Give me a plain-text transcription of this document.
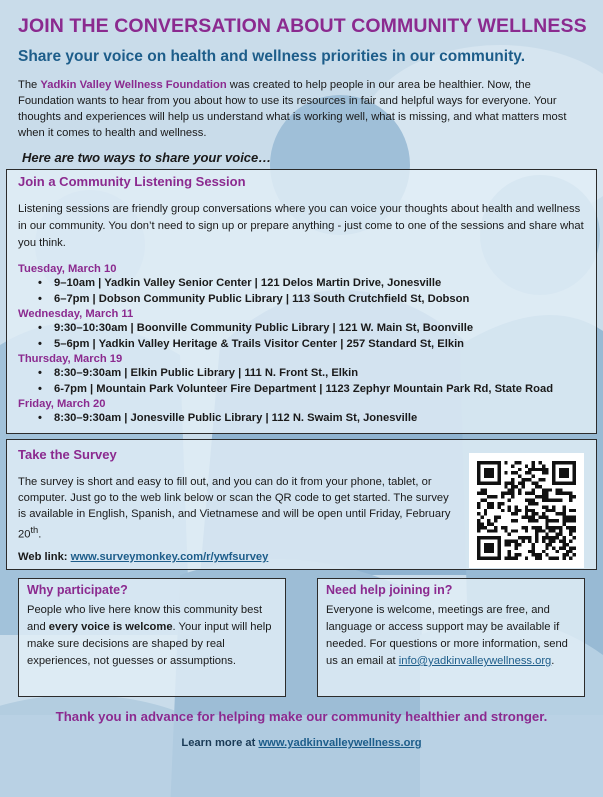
JOIN THE CONVERSATION ABOUT COMMUNITY WELLNESS
Share your voice on health and wellness priorities in our community.

The Yadkin Valley Wellness Foundation was created to help people in our area be healthier. Now, the Foundation wants to hear from you about how to use its resources in fair and helpful ways for everyone. Your thoughts and experiences will help us understand what is working well, what is missing, and what matters most when it comes to health and wellness.

Here are two ways to share your voice…
Join a Community Listening Session

Listening sessions are friendly group conversations where you can voice your thoughts about health and wellness in our community. You don’t need to sign up or prepare anything - just come to one of the sessions and share what you think.

Tuesday, March 10
• 9–10am | Yadkin Valley Senior Center | 121 Delos Martin Drive, Jonesville
• 6–7pm | Dobson Community Public Library | 113 South Crutchfield St, Dobson
Wednesday, March 11
• 9:30–10:30am | Boonville Community Public Library | 121 W. Main St, Boonville
• 5–6pm | Yadkin Valley Heritage & Trails Visitor Center | 257 Standard St, Elkin
Thursday, March 19
• 8:30–9:30am | Elkin Public Library | 111 N. Front St., Elkin
• 6-7pm | Mountain Park Volunteer Fire Department | 1123 Zephyr Mountain Park Rd, State Road
Friday, March 20
• 8:30–9:30am | Jonesville Public Library | 112 N. Swaim St, Jonesville
Take the Survey

The survey is short and easy to fill out, and you can do it from your phone, tablet, or computer. Just go to the web link below or scan the QR code to get started. The survey is available in English, Spanish, and Vietnamese and will be open until Friday, February 20th.

Web link: www.surveymonkey.com/r/ywfsurvey
Why participate?

People who live here know this community best and every voice is welcome. Your input will help make sure decisions are shaped by real experiences, not guesses or assumptions.

Need help joining in?

Everyone is welcome, meetings are free, and language or access support may be available if needed. For questions or more information, send us an email at info@yadkinvalleywellness.org.

Thank you in advance for helping make our community healthier and stronger.
Learn more at www.yadkinvalleywellness.org
